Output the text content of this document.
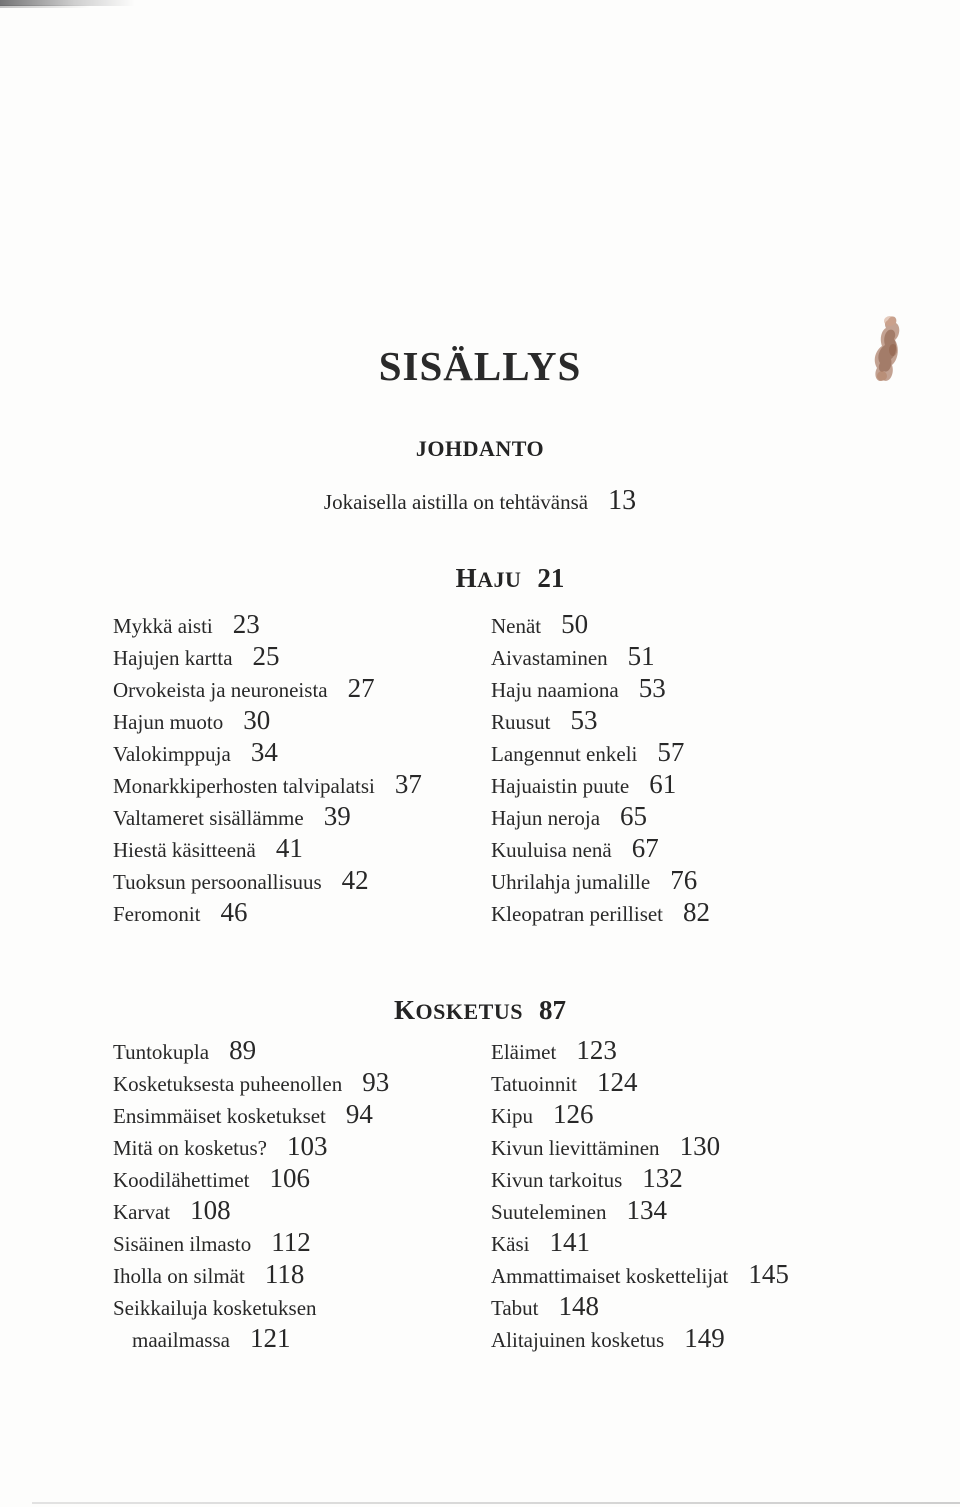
SISÄLLYS
JOHDANTO
Jokaisella aistilla on tehtävänsä 13
HAJU 21
Mykkä aisti 23
Hajujen kartta 25
Orvokeista ja neuroneista 27
Hajun muoto 30
Valokimppuja 34
Monarkkiperhosten talvipalatsi 37
Valtameret sisällämme 39
Hiestä käsitteenä 41
Tuoksun persoonallisuus 42
Feromonit 46
Nenät 50
Aivastaminen 51
Haju naamiona 53
Ruusut 53
Langennut enkeli 57
Hajuaistin puute 61
Hajun neroja 65
Kuuluisa nenä 67
Uhrilahja jumalille 76
Kleopatran perilliset 82
KOSKETUS 87
Tuntokupla 89
Kosketuksesta puheenollen 93
Ensimmäiset kosketukset 94
Mitä on kosketus? 103
Koodilähettimet 106
Karvat 108
Sisäinen ilmasto 112
Iholla on silmät 118
Seikkailuja kosketuksen
maailmassa 121
Eläimet 123
Tatuoinnit 124
Kipu 126
Kivun lievittäminen 130
Kivun tarkoitus 132
Suuteleminen 134
Käsi 141
Ammattimaiset koskettelijat 145
Tabut 148
Alitajuinen kosketus 149
